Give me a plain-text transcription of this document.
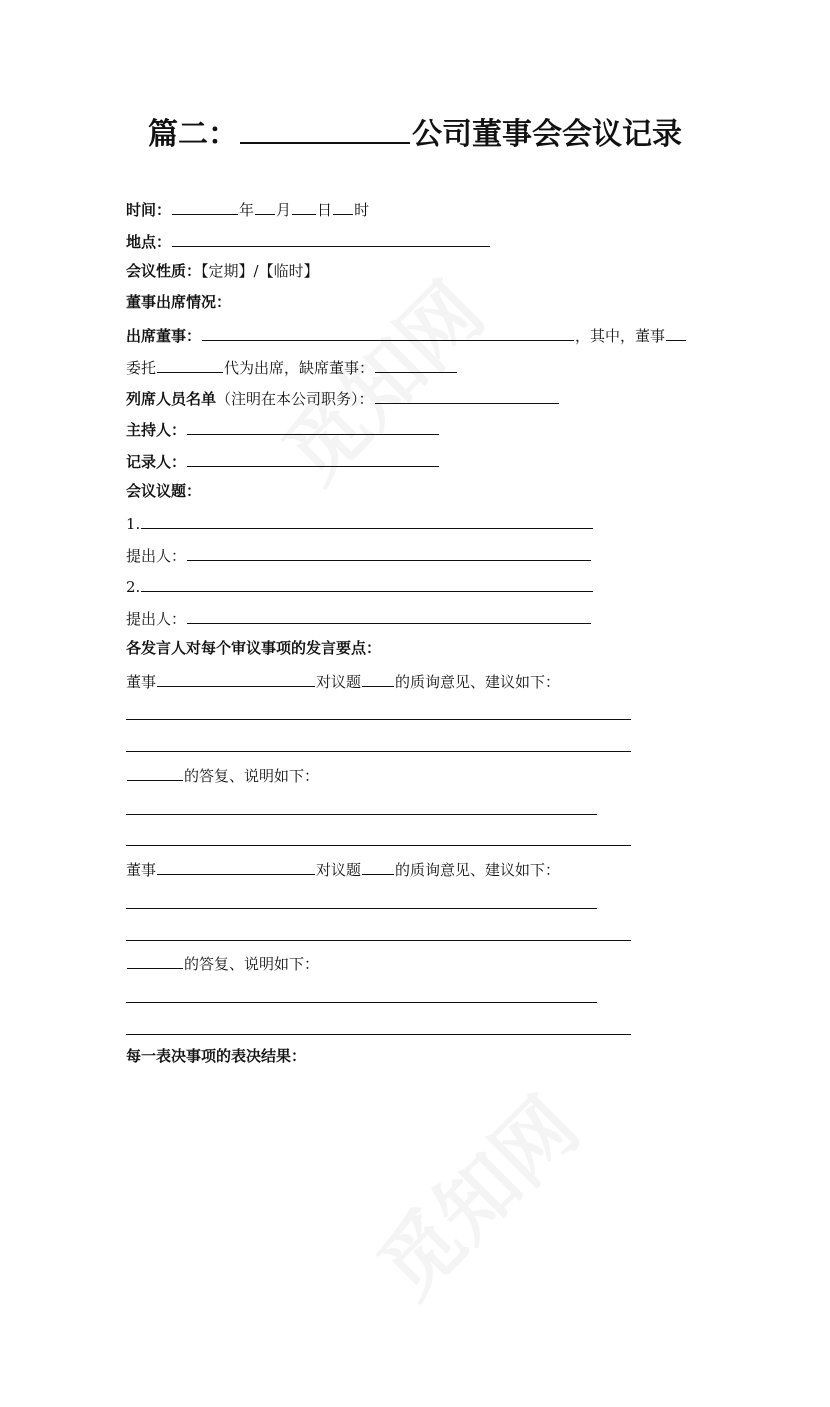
篇二：	公司董事会会议记录
时间：	年 月 日 时
地点：
会议性质：【定期】/【临时】
董事出席情况：
出席董事：	，其中，董事
委托	代为出席，缺席董事：
列席人员名单（注明在本公司职务）：
主持人：
记录人：
会议议题：
1.
提出人：
2.
提出人：
各发言人对每个审议事项的发言要点：
董事	对议题 的质询意见、建议如下：
的答复、说明如下：
董事	对议题 的质询意见、建议如下：
的答复、说明如下：
每一表决事项的表决结果：
